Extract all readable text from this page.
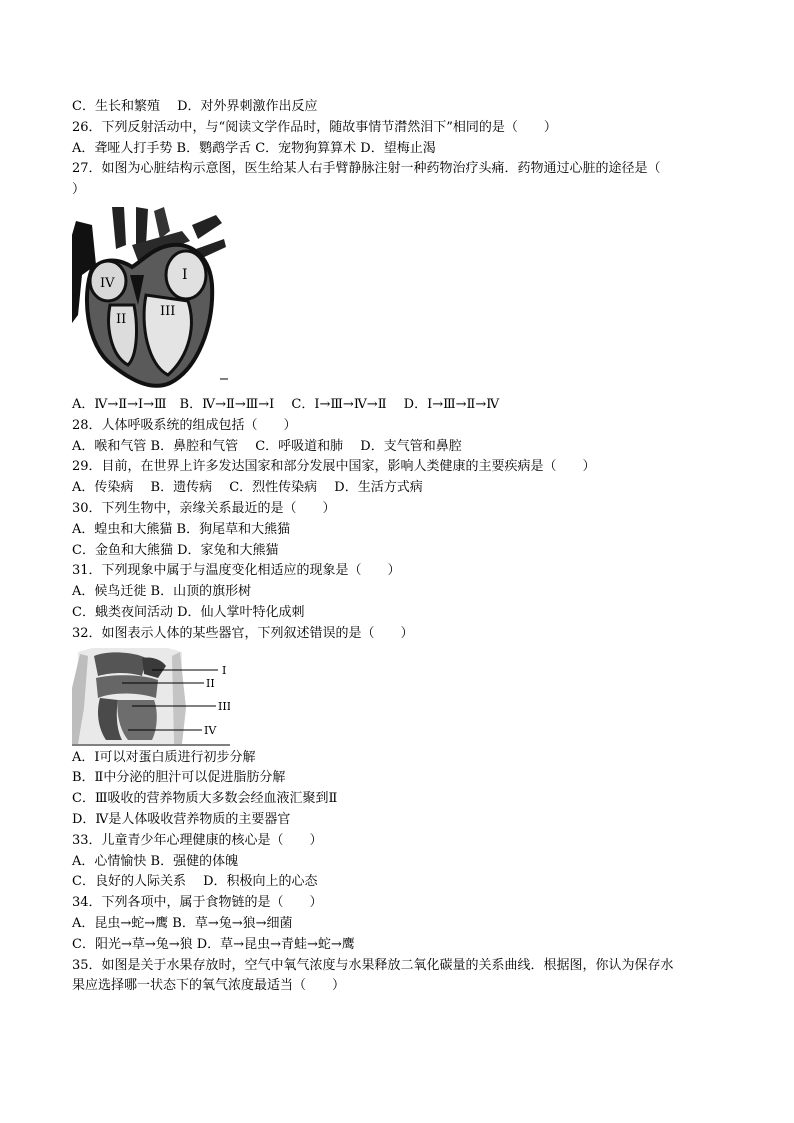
C．生长和繁殖　 D．对外界刺激作出反应
26．下列反射活动中，与“阅读文学作品时，随故事情节潸然泪下”相同的是（　　）
A．聋哑人打手势 B．鹦鹉学舌 C．宠物狗算算术 D．望梅止渴
27．如图为心脏结构示意图，医生给某人右手臂静脉注射一种药物治疗头痛．药物通过心脏的途径是（
）
IV
II
I
III
A．Ⅳ→Ⅱ→Ⅰ→Ⅲ　B．Ⅳ→Ⅱ→Ⅲ→Ⅰ　 C．Ⅰ→Ⅲ→Ⅳ→Ⅱ　 D．Ⅰ→Ⅲ→Ⅱ→Ⅳ
28．人体呼吸系统的组成包括（　　）
A．喉和气管 B．鼻腔和气管　 C．呼吸道和肺　 D．支气管和鼻腔
29．目前，在世界上许多发达国家和部分发展中国家，影响人类健康的主要疾病是（　　）
A．传染病　 B．遗传病　 C．烈性传染病　 D．生活方式病
30．下列生物中，亲缘关系最近的是（　　）
A．蝗虫和大熊猫 B．狗尾草和大熊猫
C．金鱼和大熊猫 D．家兔和大熊猫
31．下列现象中属于与温度变化相适应的现象是（　　）
A．候鸟迁徙 B．山顶的旗形树
C．蛾类夜间活动 D．仙人掌叶特化成刺
32．如图表示人体的某些器官，下列叙述错误的是（　　）
I
II
III
IV
A．Ⅰ可以对蛋白质进行初步分解
B．Ⅱ中分泌的胆汁可以促进脂肪分解
C．Ⅲ吸收的营养物质大多数会经血液汇聚到Ⅱ
D．Ⅳ是人体吸收营养物质的主要器官
33．儿童青少年心理健康的核心是（　　）
A．心情愉快 B．强健的体魄
C．良好的人际关系　 D．积极向上的心态
34．下列各项中，属于食物链的是（　　）
A．昆虫→蛇→鹰 B．草→兔→狼→细菌
C．阳光→草→兔→狼 D．草→昆虫→青蛙→蛇→鹰
35．如图是关于水果存放时，空气中氧气浓度与水果释放二氧化碳量的关系曲线．根据图，你认为保存水
果应选择哪一状态下的氧气浓度最适当（　　）
